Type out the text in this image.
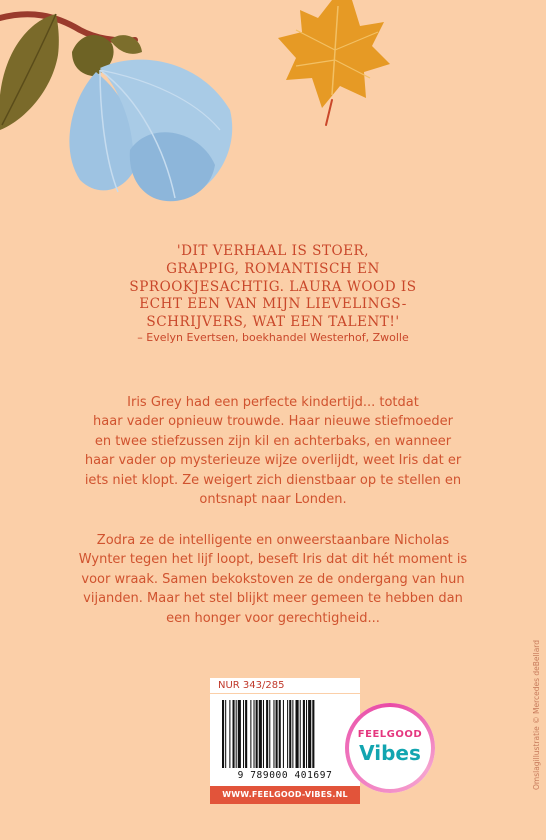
'DIT VERHAAL IS STOER,
GRAPPIG, ROMANTISCH EN
SPROOKJESACHTIG. LAURA WOOD IS
ECHT EEN VAN MIJN LIEVELINGS-
SCHRIJVERS, WAT EEN TALENT!'
– Evelyn Evertsen, boekhandel Westerhof, Zwolle
Iris Grey had een perfecte kindertijd... totdat
haar vader opnieuw trouwde. Haar nieuwe stiefmoeder
en twee stiefzussen zijn kil en achterbaks, en wanneer
haar vader op mysterieuze wijze overlijdt, weet Iris dat er
iets niet klopt. Ze weigert zich dienstbaar op te stellen en
ontsnapt naar Londen.
Zodra ze de intelligente en onweerstaanbare Nicholas
Wynter tegen het lijf loopt, beseft Iris dat dit hét moment is
voor wraak. Samen bekokstoven ze de ondergang van hun
vijanden. Maar het stel blijkt meer gemeen te hebben dan
een honger voor gerechtigheid...
NUR 343/285
9 789000 401697
WWW.FEELGOOD-VIBES.NL
FEELGOOD
Vibes	Omslagillustratie © Mercedes deBellard
